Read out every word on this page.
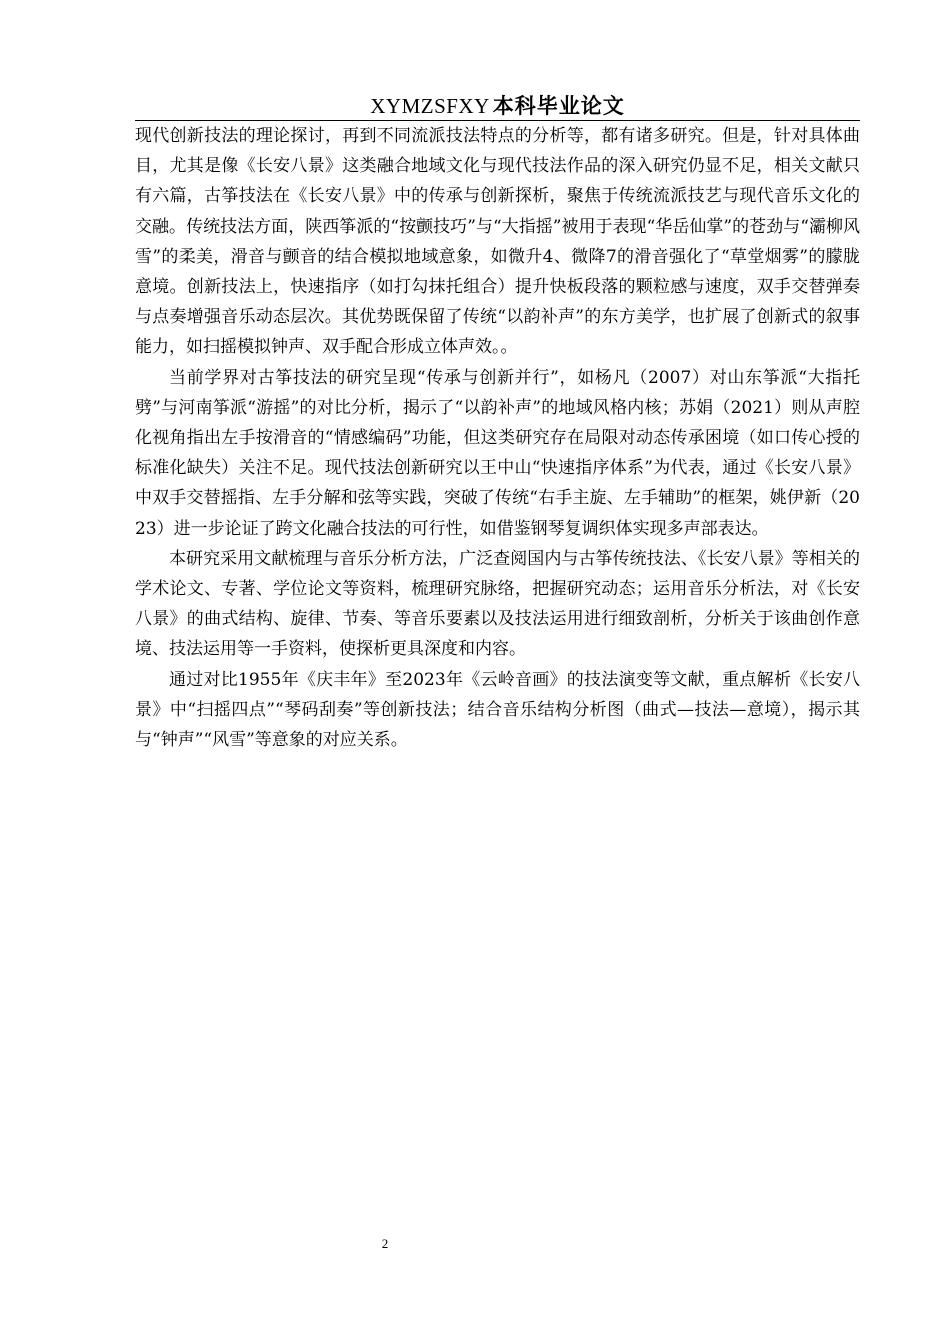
XYMZSFXY 本科毕业论文

现代创新技法的理论探讨，再到不同流派技法特点的分析等，都有诸多研究。但是，针对具体曲目，尤其是像《长安八景》这类融合地域文化与现代技法作品的深入研究仍显不足，相关文献只有六篇，古筝技法在《长安八景》中的传承与创新探析，聚焦于传统流派技艺与现代音乐文化的交融。传统技法方面，陕西筝派的“按颤技巧”与“大指摇”被用于表现“华岳仙掌”的苍劲与“灞柳风雪”的柔美，滑音与颤音的结合模拟地域意象，如微升4、微降7的滑音强化了“草堂烟雾”的朦胧意境。创新技法上，快速指序（如打勾抹托组合）提升快板段落的颗粒感与速度，双手交替弹奏与点奏增强音乐动态层次。其优势既保留了传统“以韵补声”的东方美学，也扩展了创新式的叙事能力，如扫摇模拟钟声、双手配合形成立体声效。。

当前学界对古筝技法的研究呈现“传承与创新并行”，如杨凡（2007）对山东筝派“大指托劈”与河南筝派“游摇”的对比分析，揭示了“以韵补声”的地域风格内核；苏娟（2021）则从声腔化视角指出左手按滑音的“情感编码”功能，但这类研究存在局限对动态传承困境（如口传心授的标准化缺失）关注不足。现代技法创新研究以王中山“快速指序体系”为代表，通过《长安八景》中双手交替摇指、左手分解和弦等实践，突破了传统“右手主旋、左手辅助”的框架，姚伊新（2023）进一步论证了跨文化融合技法的可行性，如借鉴钢琴复调织体实现多声部表达。

本研究采用文献梳理与音乐分析方法，广泛查阅国内与古筝传统技法、《长安八景》等相关的学术论文、专著、学位论文等资料，梳理研究脉络，把握研究动态；运用音乐分析法，对《长安八景》的曲式结构、旋律、节奏、等音乐要素以及技法运用进行细致剖析，分析关于该曲创作意境、技法运用等一手资料，使探析更具深度和内容。

通过对比1955年《庆丰年》至2023年《云岭音画》的技法演变等文献，重点解析《长安八景》中“扫摇四点”“琴码刮奏”等创新技法；结合音乐结构分析图（曲式—技法—意境），揭示其与“钟声”“风雪”等意象的对应关系。

2
